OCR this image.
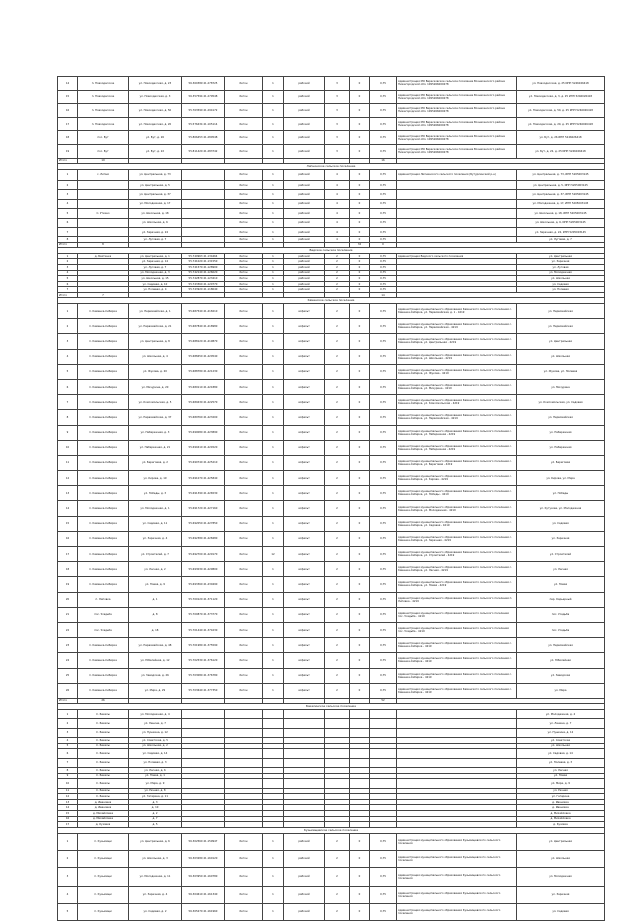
14	п. Новоодесское	ул. Новоодесская, д. 23	56.360389 41.278725	бетон	1	рабочий	3	0	0,75	Администрация МО Вересковское сельское поселение Вознесенского района Нижегородской обл. 1095266000278	ул. Новоодесская, д. 25 ИНН 5246026418
15	п. Новоодесское	ул. Новоодесская, д. 3	56.357594 41.279548	бетон	1	рабочий	3	0	0,75	Администрация МО Вересковское сельское поселение Вознесенского района Нижегородской обл. 1095266000278	ул. Новоодесская, д. 3, д. 25 ИНН 5246026418
16	п. Новоодесское	ул. Новоодесская, д. 50	55.763590 41.294172	бетон	1	рабочий	3	0	0,75	Администрация МО Вересковское сельское поселение Вознесенского района Нижегородской обл. 1095266000278	ул. Новоодесская, д. 50, д. 25 ИНН 5246026418
17	п. Новоодесское	ул. Новоодесская, д. 20	55.576434 41.105114	бетон	1	рабочий	3	0	0,75	Администрация МО Вересковское сельское поселение Вознесенского района Нижегородской обл. 1095266000278	ул. Новоодесская, д. 20, д. 25 ИНН 5246026418
18	пос. Бут	ул. Бут, д. 26	55.806453 41.280548	бетон	1	рабочий	3	0	0,75	Администрация МО Вересковское сельское поселение Вознесенского района Нижегородской обл. 1095266000278	ул. Бут, д. 26 ИНН 5246026418
19	пос. Бут	ул. Бут, д. 22	55.811420 41.283742	бетон	1	рабочий	3	0	0,75	Администрация МО Вересковское сельское поселение Вознесенского района Нижегородской обл. 1095266000278	ул. Бут, д. 22, д. 25 ИНН 5246026418
Итого	19								16		
Липнинское сельское поселение											
1	с. Липня	ул. Центральная, д. 73		бетон	1	рабочий	4	0	0,75	Администрация Липнинского сельского поселения (Бутурлинский р-н)	ул. Центральная, д. 73, ИНН 5205003145
2		ул. Центральная, д. 5		бетон	1	рабочий	4	0	0,75		ул. Центральная, д. 5, ИНН 5205003145
3		ул. Центральная, д. 37		бетон	1	рабочий	4	0	0,75		ул. Центральная, д. 37, ИНН 5205003145
4		ул. Молодежная, д. 17		бетон	1	рабочий	4	0	0,75		ул. Молодежная, д. 17, ИНН 5205003145
5	С. Уткино	ул. Школьная, д. 18		бетон	1	рабочий	4	0	0,75		ул. Школьная, д. 18, ИНН 5205003145
6		ул. Школьная, д. 6		бетон	1	рабочий	4	0	0,75		ул. Школьная, д. 6, ИНН 5205003145
7		ул. Заречная, д. 24		бетон	1	рабочий	4	0	0,75		ул. Заречная, д. 24, ИНН 5205003145
8		ул. Луговая, д. 7		бетон	1	рабочий	4	0	0,75		ул. Луговая, д. 7
Итого	8							32	0		
Вадское сельское поселение											
1	д. Бахтинка	ул. Центральная, д. 1	55.740963 41.134464	бетон	1	рабочий	2	0	0,75	Администрация Вадского сельского поселения	ул. Центральная
2		ул. Заречная, д. 14	55.741020 41.131550	бетон	1	рабочий	2	0	0,75		ул. Заречная
3		ул. Луговая, д. 7	55.741570 41.128900	бетон	1	рабочий	2	0	0,75		ул. Луговая
4		ул. Молодежная, д. 3	55.742140 41.126020	бетон	1	рабочий	2	0	0,75		ул. Молодежная
5		ул. Школьная, д. 15	55.742870 41.123410	бетон	1	рабочий	2	0	0,75		ул. Школьная
6		ул. Садовая, д. 10	55.743360 41.120770	бетон	1	рабочий	2	0	0,75		ул. Садовая
7		ул. Полевая, д. 4	55.743920 41.118040	бетон	1	рабочий	2	0	0,75		ул. Полевая
Итого	7								14		
Каменское сельское поселение											
1	п. Каменка-Сибирка	ул. Первомайская, д. 1	55.687540 41.418210	бетон	1	асфальт	2	0	0,75	Администрация муниципального образования Каменского сельского поселения с. Каменка-Сибирка, ул. Первомайская, д. 1 - 4219	ул. Первомайская
2	п. Каменка-Сибирка	ул. Первомайская, д. 21	55.687840 41.418980	бетон	1	асфальт	2	0	0,75	Администрация муниципального образования Каменского сельского поселения с. Каменка-Сибирка, ул. Первомайская - 4219	ул. Первомайская
3	п. Каменка-Сибирка	ул. Центральная, д. 8	55.688120 41.419870	бетон	1	асфальт	2	0	0,75	Администрация муниципального образования Каменского сельского поселения с. Каменка-Сибирка, ул. Центральная - 4219	ул. Центральная
4	п. Каменка-Сибирка	ул. Школьная, д. 4	55.688450 41.420540	бетон	1	асфальт	2	0	0,75	Администрация муниципального образования Каменского сельского поселения с. Каменка-Сибирка, ул. Школьная - 4219	ул. Школьная
5	п. Каменка-Сибирка	ул. Жукова, д. 20	55.688780 41.421230	бетон	1	асфальт	2	0	0,75	Администрация муниципального образования Каменского сельского поселения с. Каменка-Сибирка, ул. Жукова - 4219	ул. Жукова, ул. Полевая
6	п. Каменка-Сибирка	ул. Мичурина, д. 20	55.689110 41.421880	бетон	1	асфальт	2	0	0,75	Администрация муниципального образования Каменского сельского поселения с. Каменка-Сибирка, ул. Мичурина - 4219	ул. Мичурина
7	п. Каменка-Сибирка	ул. Комсомольская, д. 5	55.689430 41.422570	бетон	1	асфальт	2	0	0,75	Администрация муниципального образования Каменского сельского поселения с. Каменка-Сибирка, ул. Комсомольская - 4219	ул. Комсомольская, ул. Садовая
8	п. Каменка-Сибирка	ул. Первомайская, д. 37	55.689760 41.423200	бетон	1	асфальт	2	0	0,75	Администрация муниципального образования Каменского сельского поселения с. Каменка-Сибирка, ул. Первомайская - 4219	ул. Первомайская
9	п. Каменка-Сибирка	ул. Набережная, д. 3	55.690080 41.423890	бетон	1	асфальт	2	0	0,75	Администрация муниципального образования Каменского сельского поселения с. Каменка-Сибирка, ул. Набережная - 4219	ул. Набережная
10	п. Каменка-Сибирка	ул. Набережная, д. 21	55.690410 41.424520	бетон	1	асфальт	2	0	0,75	Администрация муниципального образования Каменского сельского поселения с. Каменка-Сибирка, ул. Набережная - 4219	ул. Набережная
11	п. Каменка-Сибирка	ул. Береговая, д. 2	55.690740 41.425210	бетон	1	асфальт	2	0	0,75	Администрация муниципального образования Каменского сельского поселения с. Каменка-Сибирка, ул. Береговая - 4219	ул. Береговая
12	п. Каменка-Сибирка	ул. Кирова, д. 19	55.691070 41.425840	бетон	1	асфальт	2	0	0,75	Администрация муниципального образования Каменского сельского поселения с. Каменка-Сибирка, ул. Кирова - 4219	ул. Кирова, ул. Мира
13	п. Каменка-Сибирка	ул. Победы, д. 3	55.691390 41.426530	бетон	1	асфальт	2	0	0,75	Администрация муниципального образования Каменского сельского поселения с. Каменка-Сибирка, ул. Победы - 4219	ул. Победы
14	п. Каменка-Сибирка	ул. Молодежная, д. 1	55.691720 41.427160	бетон	1	асфальт	2	0	0,75	Администрация муниципального образования Каменского сельского поселения с. Каменка-Сибирка, ул. Молодежная - 4219	ул. Кутузова, ул. Молодежная
15	п. Каменка-Сибирка	ул. Садовая, д. 11	55.692050 41.427850	бетон	1	асфальт	2	0	0,75	Администрация муниципального образования Каменского сельского поселения с. Каменка-Сибирка, ул. Садовая - 4219	ул. Садовая
16	п. Каменка-Сибирка	ул. Заречная, д. 4	55.692380 41.428480	бетон	1	асфальт	2	0	0,75	Администрация муниципального образования Каменского сельского поселения с. Каменка-Сибирка, ул. Заречная - 4219	ул. Заречная
17	п. Каменка-Сибирка	ул. Строителей, д. 7	55.692700 41.429170	бетон	12	асфальт	2	0	0,75	Администрация муниципального образования Каменского сельского поселения с. Каменка-Сибирка, ул. Строителей - 4219	ул. Строителей
18	п. Каменка-Сибирка	ул. Лесная, д. 2	55.693030 41.429800	бетон	1	асфальт	2	0	0,75	Администрация муниципального образования Каменского сельского поселения с. Каменка-Сибирка, ул. Лесная - 4219	ул. Лесная
19	п. Каменка-Сибирка	ул. Новая, д. 9	55.693360 41.430490	бетон	1	асфальт	2	0	0,75	Администрация муниципального образования Каменского сельского поселения с. Каменка-Сибирка, ул. Новая - 4219	ул. Новая
20	п. Липовка	д. 1	55.700120 41.371120	бетон	1	асфальт	2	0	0,75	Администрация муниципального образования Каменского сельского поселения п. Липовка - 4219	пер. Карьерный
21	пос. Усадьба	д. 8	55.700870 41.373770	бетон	1	асфальт	2	0	0,75	Администрация муниципального образования Каменского сельского поселения пос. Усадьба - 4219	пос. Усадьба
22	пос. Усадьба	д. 18	55.701440 41.374230	бетон	1	асфальт	2	0	0,75	Администрация муниципального образования Каменского сельского поселения пос. Усадьба - 4219	пос. Усадьба
23	п. Каменка-Сибирка	ул. Первомайская, д. 48	55.701980 41.375590	бетон	1	асфальт	2	0	0,75	Администрация муниципального образования Каменского сельского поселения с. Каменка-Сибирка - 4219	ул. Первомайская
24	п. Каменка-Сибирка	ул. Юбилейная, д. 12	55.702530 41.376120	бетон	1	асфальт	2	0	0,75	Администрация муниципального образования Каменского сельского поселения с. Каменка-Сибирка - 4219	ул. Юбилейная
25	п. Каменка-Сибирка	ул. Заводская, д. 26	55.703080 41.376780	бетон	1	асфальт	2	0	0,75	Администрация муниципального образования Каменского сельского поселения с. Каменка-Сибирка - 4219	ул. Заводская
26	п. Каменка-Сибирка	ул. Мира, д. 29	55.703640 41.377350	бетон	1	асфальт	2	0	0,75	Администрация муниципального образования Каменского сельского поселения с. Каменка-Сибирка - 4219	ул. Мира
Итого	26								52		
Бакалинское сельское поселение											
1	С. Бакалы	ул. Молодежная, д. 4									ул. Молодежная, д. 4
2	С. Бакалы	ул. Ленина, д. 7									ул. Ленина, д. 7
3	С. Бакалы	ул. Пушкина, д. 12									ул. Пушкина, д. 12
4	С. Бакалы	ул. Советская, д. 5									ул. Советская
5	С. Бакалы	ул. Школьная, д. 2									ул. Школьная
6	С. Бакалы	ул. Садовая, д. 14									ул. Садовая, д. 14
7	С. Бакалы	ул. Полевая, д. 3									ул. Полевая, д. 3
8	С. Бакалы	ул. Лесная, д. 6									ул. Лесная
9	С. Бакалы	ул. Новая, д. 1									ул. Новая
10	С. Бакалы	ул. Мира, д. 9									ул. Мира, д. 9
11	С. Бакалы	ул. Речная, д. 8									ул. Речная
12	С. Бакалы	ул. Гагарина, д. 11									ул. Гагарина
13	д. Ивановка	д. 3									д. Ивановка
14	д. Ивановка	д. 10									д. Ивановка
15	д. Михайловка	д. 2									д. Михайловка
16	д. Михайловка	д. 7									д. Михайловка
17	д. Кузовка	д. 5									д. Кузовка
Кузьмищевское сельское поселение											
1	п. Кузьмищи	ул. Центральная, д. 6	56.302560 41.159947	бетон	1	рабочий	2	0	0,75	Администрация муниципального образования Кузьмищевского сельского поселения	ул. Центральная
2	п. Кузьмищи	ул. Школьная, д. 3	56.303280 41.160120	бетон	1	рабочий	2	0	0,75	Администрация муниципального образования Кузьмищевского сельского поселения	ул. Школьная
3	п. Кузьмищи	ул. Молодежная, д. 11	56.303950 41.160780	бетон	1	рабочий	2	0	0,75	Администрация муниципального образования Кузьмищевского сельского поселения	ул. Молодежная
4	п. Кузьмищи	ул. Заречная, д. 4	56.304610 41.161340	бетон	1	рабочий	2	0	0,75	Администрация муниципального образования Кузьмищевского сельского поселения	ул. Заречная
5	п. Кузьмищи	ул. Садовая, д. 2	56.305270 41.161960	бетон	1	рабочий	2	0	0,75	Администрация муниципального образования Кузьмищевского сельского поселения	ул. Садовая
